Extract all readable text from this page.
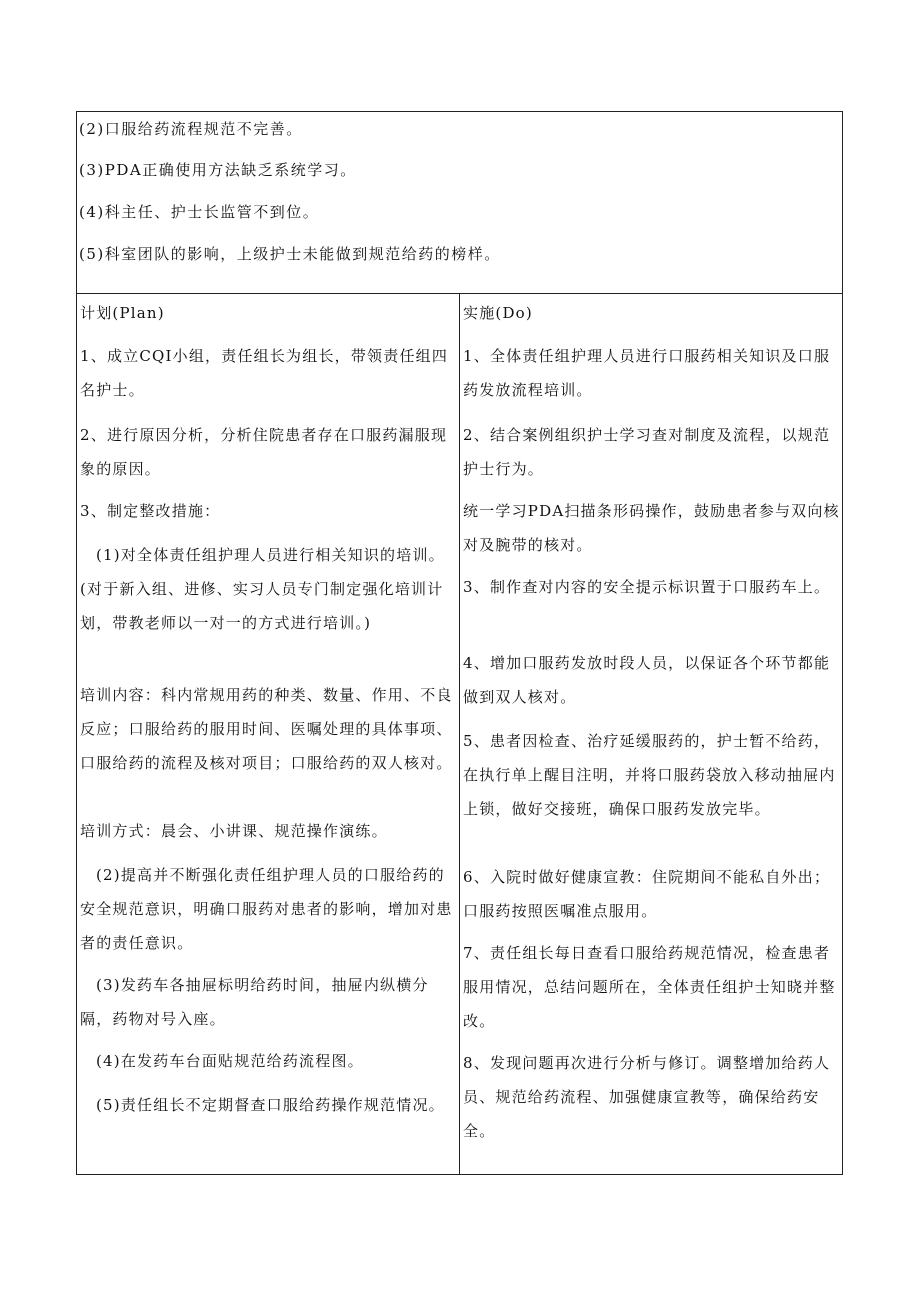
(2)口服给药流程规范不完善。

(3)PDA正确使用方法缺乏系统学习。

(4)科主任、护士长监管不到位。

(5)科室团队的影响，上级护士未能做到规范给药的榜样。

计划(Plan)

1、成立CQI小组，责任组长为组长，带领责任组四名护士。

2、进行原因分析，分析住院患者存在口服药漏服现象的原因。

3、制定整改措施：

(1)对全体责任组护理人员进行相关知识的培训。(对于新入组、进修、实习人员专门制定强化培训计划，带教老师以一对一的方式进行培训。)

培训内容：科内常规用药的种类、数量、作用、不良反应；口服给药的服用时间、医嘱处理的具体事项、口服给药的流程及核对项目；口服给药的双人核对。

培训方式：晨会、小讲课、规范操作演练。

(2)提高并不断强化责任组护理人员的口服给药的安全规范意识，明确口服药对患者的影响，增加对患者的责任意识。

(3)发药车各抽屉标明给药时间，抽屉内纵横分隔，药物对号入座。

(4)在发药车台面贴规范给药流程图。

(5)责任组长不定期督查口服给药操作规范情况。

实施(Do)

1、全体责任组护理人员进行口服药相关知识及口服药发放流程培训。

2、结合案例组织护士学习查对制度及流程，以规范护士行为。

统一学习PDA扫描条形码操作，鼓励患者参与双向核对及腕带的核对。

3、制作查对内容的安全提示标识置于口服药车上。

4、增加口服药发放时段人员，以保证各个环节都能做到双人核对。

5、患者因检查、治疗延缓服药的，护士暂不给药，在执行单上醒目注明，并将口服药袋放入移动抽屉内上锁，做好交接班，确保口服药发放完毕。

6、入院时做好健康宣教：住院期间不能私自外出；口服药按照医嘱准点服用。

7、责任组长每日查看口服给药规范情况，检查患者服用情况，总结问题所在，全体责任组护士知晓并整改。

8、发现问题再次进行分析与修订。调整增加给药人员、规范给药流程、加强健康宣教等，确保给药安全。
